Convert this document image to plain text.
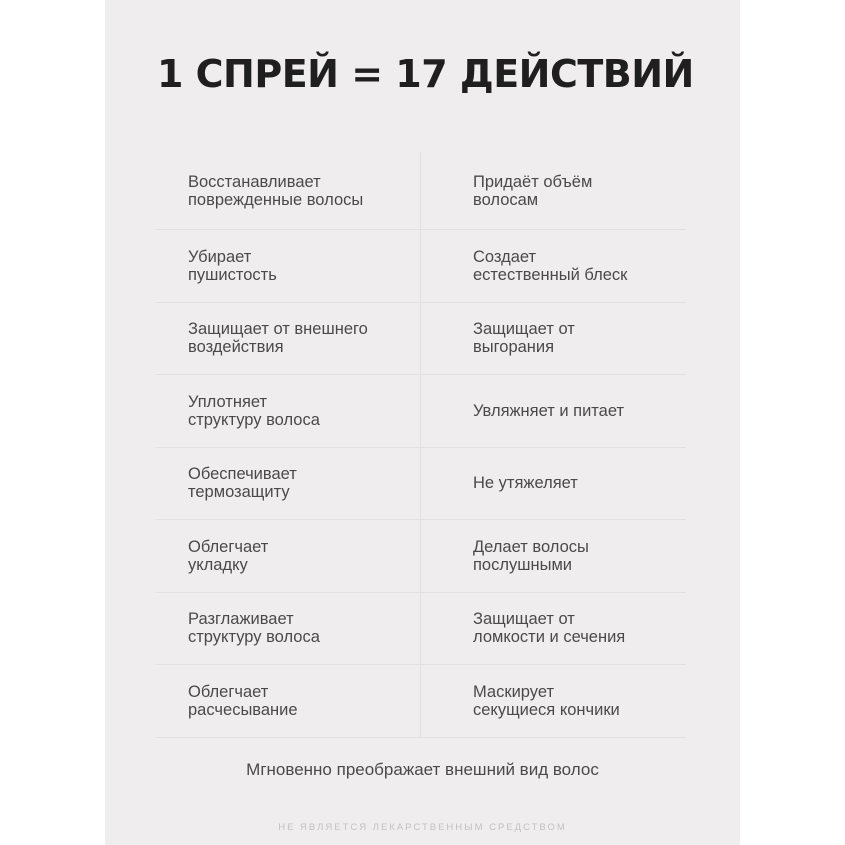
1 СПРЕЙ = 17 ДЕЙСТВИЙ
Восстанавливает
поврежденные волосы
Придаёт объём
волосам
Убирает
пушистость
Создает
естественный блеск
Защищает от внешнего
воздействия
Защищает от
выгорания
Уплотняет
структуру волоса	Увляжняет и питает
Обеспечивает
термозащиту	Не утяжеляет
Облегчает
укладку
Делает волосы
послушными
Разглаживает
структуру волоса
Защищает от
ломкости и сечения
Облегчает
расчесывание
Маскирует
секущиеся кончики
Мгновенно преображает внешний вид волос
НЕ ЯВЛЯЕТСЯ ЛЕКАРСТВЕННЫМ СРЕДСТВОМ
